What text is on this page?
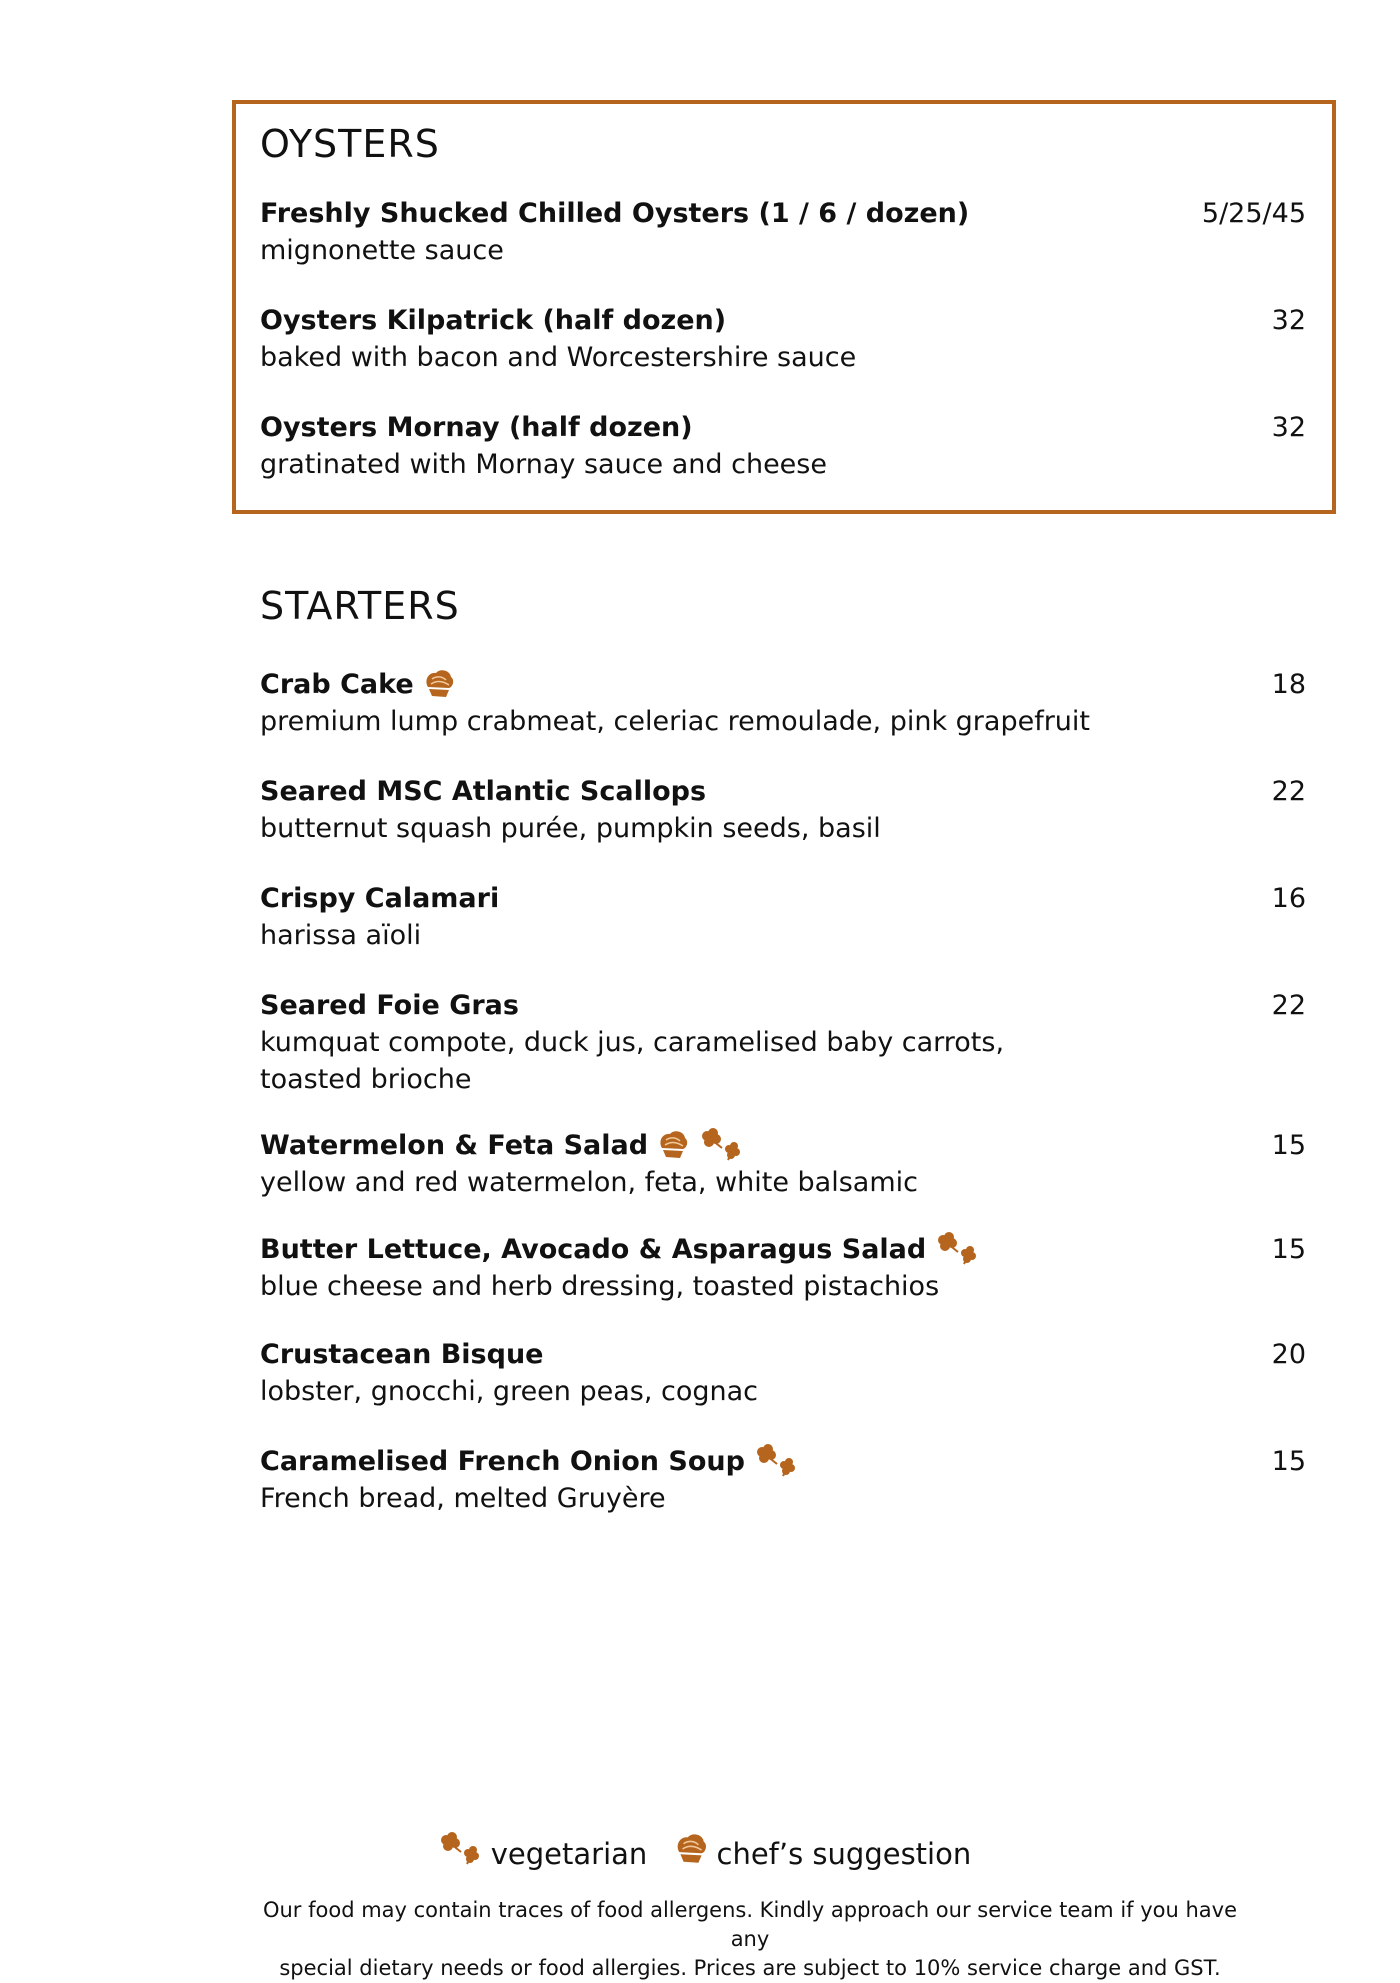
OYSTERS
Freshly Shucked Chilled Oysters (1 / 6 / dozen)
mignonette sauce
5/25/45
Oysters Kilpatrick (half dozen)
baked with bacon and Worcestershire sauce
32
Oysters Mornay (half dozen)
gratinated with Mornay sauce and cheese
32
STARTERS
Crab Cake
premium lump crabmeat, celeriac remoulade, pink grapefruit
18
Seared MSC Atlantic Scallops
butternut squash purée, pumpkin seeds, basil
22
Crispy Calamari
harissa aïoli
16
Seared Foie Gras
kumquat compote, duck jus, caramelised baby carrots,
toasted brioche
22
Watermelon & Feta Salad
yellow and red watermelon, feta, white balsamic
15
Butter Lettuce, Avocado & Asparagus Salad
blue cheese and herb dressing, toasted pistachios
15
Crustacean Bisque
lobster, gnocchi, green peas, cognac
20
Caramelised French Onion Soup
French bread, melted Gruyère
15
vegetarian chef’s suggestion
Our food may contain traces of food allergens. Kindly approach our service team if you have any
special dietary needs or food allergies. Prices are subject to 10% service charge and GST.
